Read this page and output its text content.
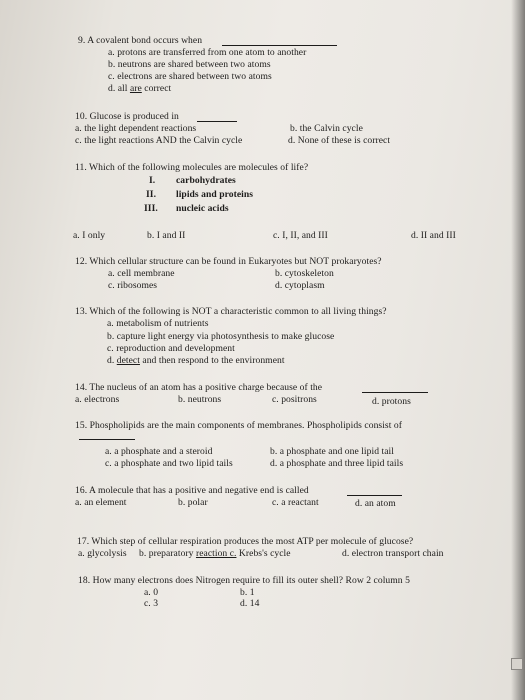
9. A covalent bond occurs when
a. protons are transferred from one atom to another
b. neutrons are shared between two atoms
c. electrons are shared between two atoms
d. all are correct
10. Glucose is produced in
a. the light dependent reactions	b. the Calvin cycle
c. the light reactions AND the Calvin cycle	d. None of these is correct
11. Which of the following molecules are molecules of life?
I. carbohydrates
II. lipids and proteins
III. nucleic acids
a. I only	b. I and II	c. I, II, and III	d. II and III
12. Which cellular structure can be found in Eukaryotes but NOT prokaryotes?
a. cell membrane	b. cytoskeleton
c. ribosomes	d. cytoplasm
13. Which of the following is NOT a characteristic common to all living things?
a. metabolism of nutrients
b. capture light energy via photosynthesis to make glucose
c. reproduction and development
d. detect and then respond to the environment
14. The nucleus of an atom has a positive charge because of the
a. electrons	b. neutrons	c. positrons	d. protons
15. Phospholipids are the main components of membranes. Phospholipids consist of
a. a phosphate and a steroid	b. a phosphate and one lipid tail
c. a phosphate and two lipid tails	d. a phosphate and three lipid tails
16. A molecule that has a positive and negative end is called
a. an element	b. polar	c. a reactant	d. an atom
17. Which step of cellular respiration produces the most ATP per molecule of glucose?
a. glycolysis b. preparatory reaction c. Krebs's cycle	d. electron transport chain
18. How many electrons does Nitrogen require to fill its outer shell? Row 2 column 5
a. 0	b. 1
c. 3	d. 14
